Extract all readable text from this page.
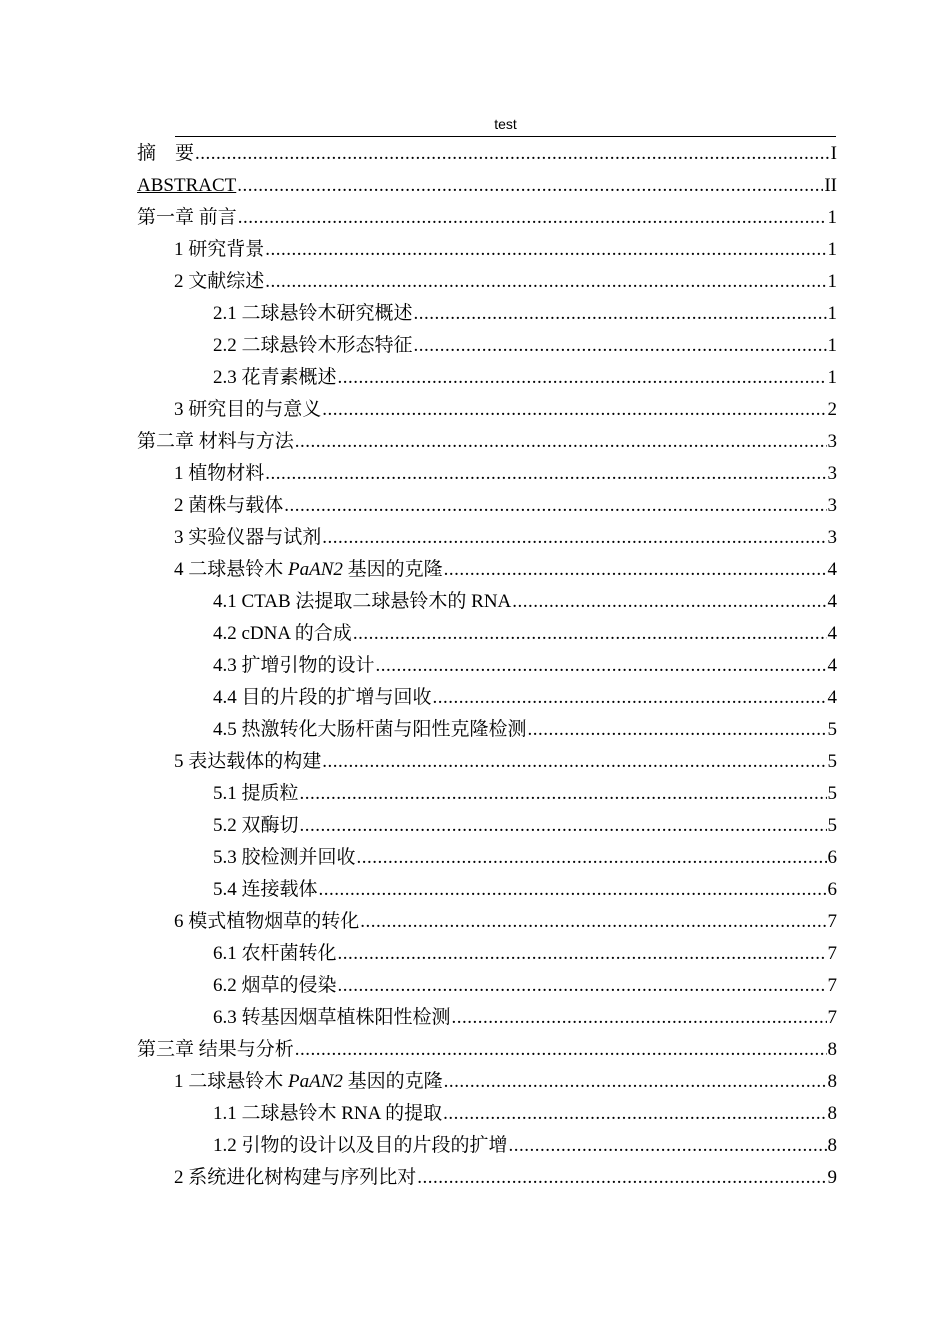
test
摘　要 .....	I
ABSTRACT .....	II
第一章 前言 .....	1
1 研究背景 .....	1
2 文献综述 .....	1
2.1 二球悬铃木研究概述 .....	1
2.2 二球悬铃木形态特征 .....	1
2.3 花青素概述 .....	1
3 研究目的与意义 .....	2
第二章 材料与方法 .....	3
1 植物材料 .....	3
2 菌株与载体 .....	3
3 实验仪器与试剂 .....	3
4 二球悬铃木 PaAN2 基因的克隆 .....	4
4.1 CTAB 法提取二球悬铃木的 RNA .....	4
4.2 cDNA 的合成 .....	4
4.3 扩增引物的设计 .....	4
4.4 目的片段的扩增与回收 .....	4
4.5 热激转化大肠杆菌与阳性克隆检测 .....	5
5 表达载体的构建 .....	5
5.1 提质粒 .....	5
5.2 双酶切 .....	5
5.3 胶检测并回收 .....	6
5.4 连接载体 .....	6
6 模式植物烟草的转化 .....	7
6.1 农杆菌转化 .....	7
6.2 烟草的侵染 .....	7
6.3 转基因烟草植株阳性检测 .....	7
第三章 结果与分析 .....	8
1 二球悬铃木 PaAN2 基因的克隆 .....	8
1.1 二球悬铃木 RNA 的提取 .....	8
1.2 引物的设计以及目的片段的扩增 .....	8
2 系统进化树构建与序列比对 .....	9
